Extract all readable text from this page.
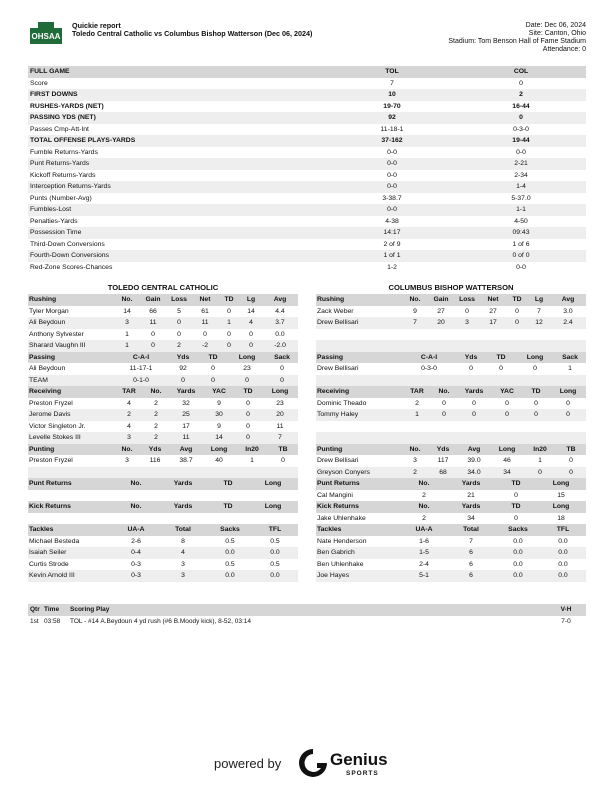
OHSAA
Quickie report
Toledo Central Catholic vs Columbus Bishop Watterson (Dec 06, 2024)
Date: Dec 06, 2024
Site: Canton, Ohio
Stadium: Tom Benson Hall of Fame Stadium
Attendance: 0
FULL GAME	TOL	COL
Score	7	0
FIRST DOWNS	10	2
RUSHES-YARDS (NET)	19-70	16-44
PASSING YDS (NET)	92	0
Passes Cmp-Att-Int	11-18-1	0-3-0
TOTAL OFFENSE PLAYS-YARDS	37-162	19-44
Fumble Returns-Yards	0-0	0-0
Punt Returns-Yards	0-0	2-21
Kickoff Returns-Yards	0-0	2-34
Interception Returns-Yards	0-0	1-4
Punts (Number-Avg)	3-38.7	5-37.0
Fumbles-Lost	0-0	1-1
Penalties-Yards	4-38	4-50
Possession Time	14:17	09:43
Third-Down Conversions	2 of 9	1 of 6
Fourth-Down Conversions	1 of 1	0 of 0
Red-Zone Scores-Chances	1-2	0-0
TOLEDO CENTRAL CATHOLIC	COLUMBUS BISHOP WATTERSON
Rushing	No.	Gain	Loss	Net	TD	Lg	Avg
Tyler Morgan	14	66	5	61	0	14	4.4
Ali Beydoun	3	11	0	11	1	4	3.7
Anthony Sylvester	1	0	0	0	0	0	0.0
Sharard Vaughn III	1	0	2	-2	0	0	-2.0
Passing	C-A-I	Yds	TD	Long	Sack
Ali Beydoun	11-17-1	92	0	23	0
TEAM	0-1-0	0	0	0	0
Receiving	TAR	No.	Yards	YAC	TD	Long
Preston Fryzel	4	2	32	9	0	23
Jerome Davis	2	2	25	30	0	20
Victor Singleton Jr.	4	2	17	9	0	11
Levelle Stokes III	3	2	11	14	0	7
Punting	No.	Yds	Avg	Long	In20	TB
Preston Fryzel	3	116	38.7	40	1	0

Punt Returns	No.	Yards	TD	Long

Kick Returns	No.	Yards	TD	Long

Tackles	UA-A	Total	Sacks	TFL
Michael Besteda	2-6	8	0.5	0.5
Isaiah Seiler	0-4	4	0.0	0.0
Curtis Strode	0-3	3	0.5	0.5
Kevin Arnold III	0-3	3	0.0	0.0
Rushing	No.	Gain	Loss	Net	TD	Lg	Avg
Zack Weber	9	27	0	27	0	7	3.0
Drew Bellisari	7	20	3	17	0	12	2.4

Passing	C-A-I	Yds	TD	Long	Sack
Drew Bellisari	0-3-0	0	0	0	1

Receiving	TAR	No.	Yards	YAC	TD	Long
Dominic Theado	2	0	0	0	0	0
Tommy Haley	1	0	0	0	0	0

Punting	No.	Yds	Avg	Long	In20	TB
Drew Bellisari	3	117	39.0	46	1	0
Greyson Conyers	2	68	34.0	34	0	0
Punt Returns	No.	Yards	TD	Long
Cal Mangini	2	21	0	15
Kick Returns	No.	Yards	TD	Long
Jake Uhlenhake	2	34	0	18
Tackles	UA-A	Total	Sacks	TFL
Nate Henderson	1-6	7	0.0	0.0
Ben Gabrich	1-5	6	0.0	0.0
Ben Uhlenhake	2-4	6	0.0	0.0
Joe Hayes	5-1	6	0.0	0.0
Qtr	Time	Scoring Play	V-H
1st	03:58	TOL - #14 A.Beydoun 4 yd rush (#6 B.Moody kick), 8-52, 03:14	7-0
powered by	Genius
SPORTS
